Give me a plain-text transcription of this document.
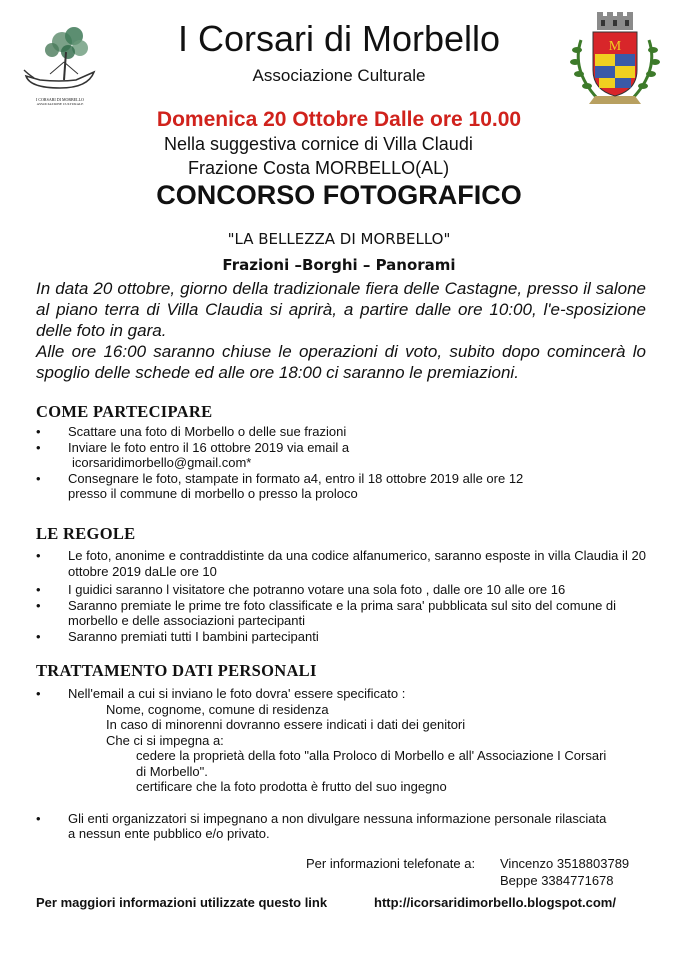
I CORSARI DI MORBELLO
ASSOCIAZIONE CULTURALE
M
I Corsari di Morbello
Associazione Culturale
Domenica 20 Ottobre Dalle ore 10.00
Nella suggestiva cornice di Villa Claudi
Frazione Costa MORBELLO(AL)
CONCORSO FOTOGRAFICO
"LA BELLEZZA DI MORBELLO"
Frazioni –Borghi – Panorami

In data 20 ottobre, giorno della tradizionale fiera delle Castagne, presso il salone al piano terra di Villa Claudia si aprirà, a partire dalle ore 10:00, l'e-sposizione delle foto in gara.

Alle ore 16:00 saranno chiuse le operazioni di voto, subito dopo comincerà lo spoglio delle schede ed alle ore 18:00 ci saranno le premiazioni.

COME PARTECIPARE
• Scattare una foto di Morbello o delle sue frazioni
• Inviare le foto entro il 16 ottobre 2019 via email a
icorsaridimorbello@gmail.com*
• Consegnare le foto, stampate in formato a4, entro il 18 ottobre 2019 alle ore 12
presso il commune di morbello o presso la proloco
LE REGOLE
• Le foto, anonime e contraddistinte da una codice alfanumerico, saranno esposte in villa Claudia il 20 ottobre 2019 daLle ore 10
• I guidici saranno l visitatore che potranno votare una sola foto , dalle ore 10 alle ore 16
• Saranno premiate le prime tre foto classificate e la prima sara' pubblicata sul sito del comune di morbello e delle associazioni partecipanti
• Saranno premiati tutti I bambini partecipanti
TRATTAMENTO DATI PERSONALI
• Nell'email a cui si inviano le foto dovra' essere specificato :
Nome, cognome, comune di residenza
In caso di minorenni dovranno essere indicati i dati dei genitori
Che ci si impegna a:
cedere la proprietà della foto "alla Proloco di Morbello e all' Associazione I Corsari
di Morbello".
certificare che la foto prodotta è frutto del suo ingegno
• Gli enti organizzatori si impegnano a non divulgare nessuna informazione personale rilasciata
a nessun ente pubblico e/o privato.
Per informazioni telefonate a: Vincenzo 3518803789
Beppe 3384771678
Per maggiori informazioni utilizzate questo link	http://icorsaridimorbello.blogspot.com/
